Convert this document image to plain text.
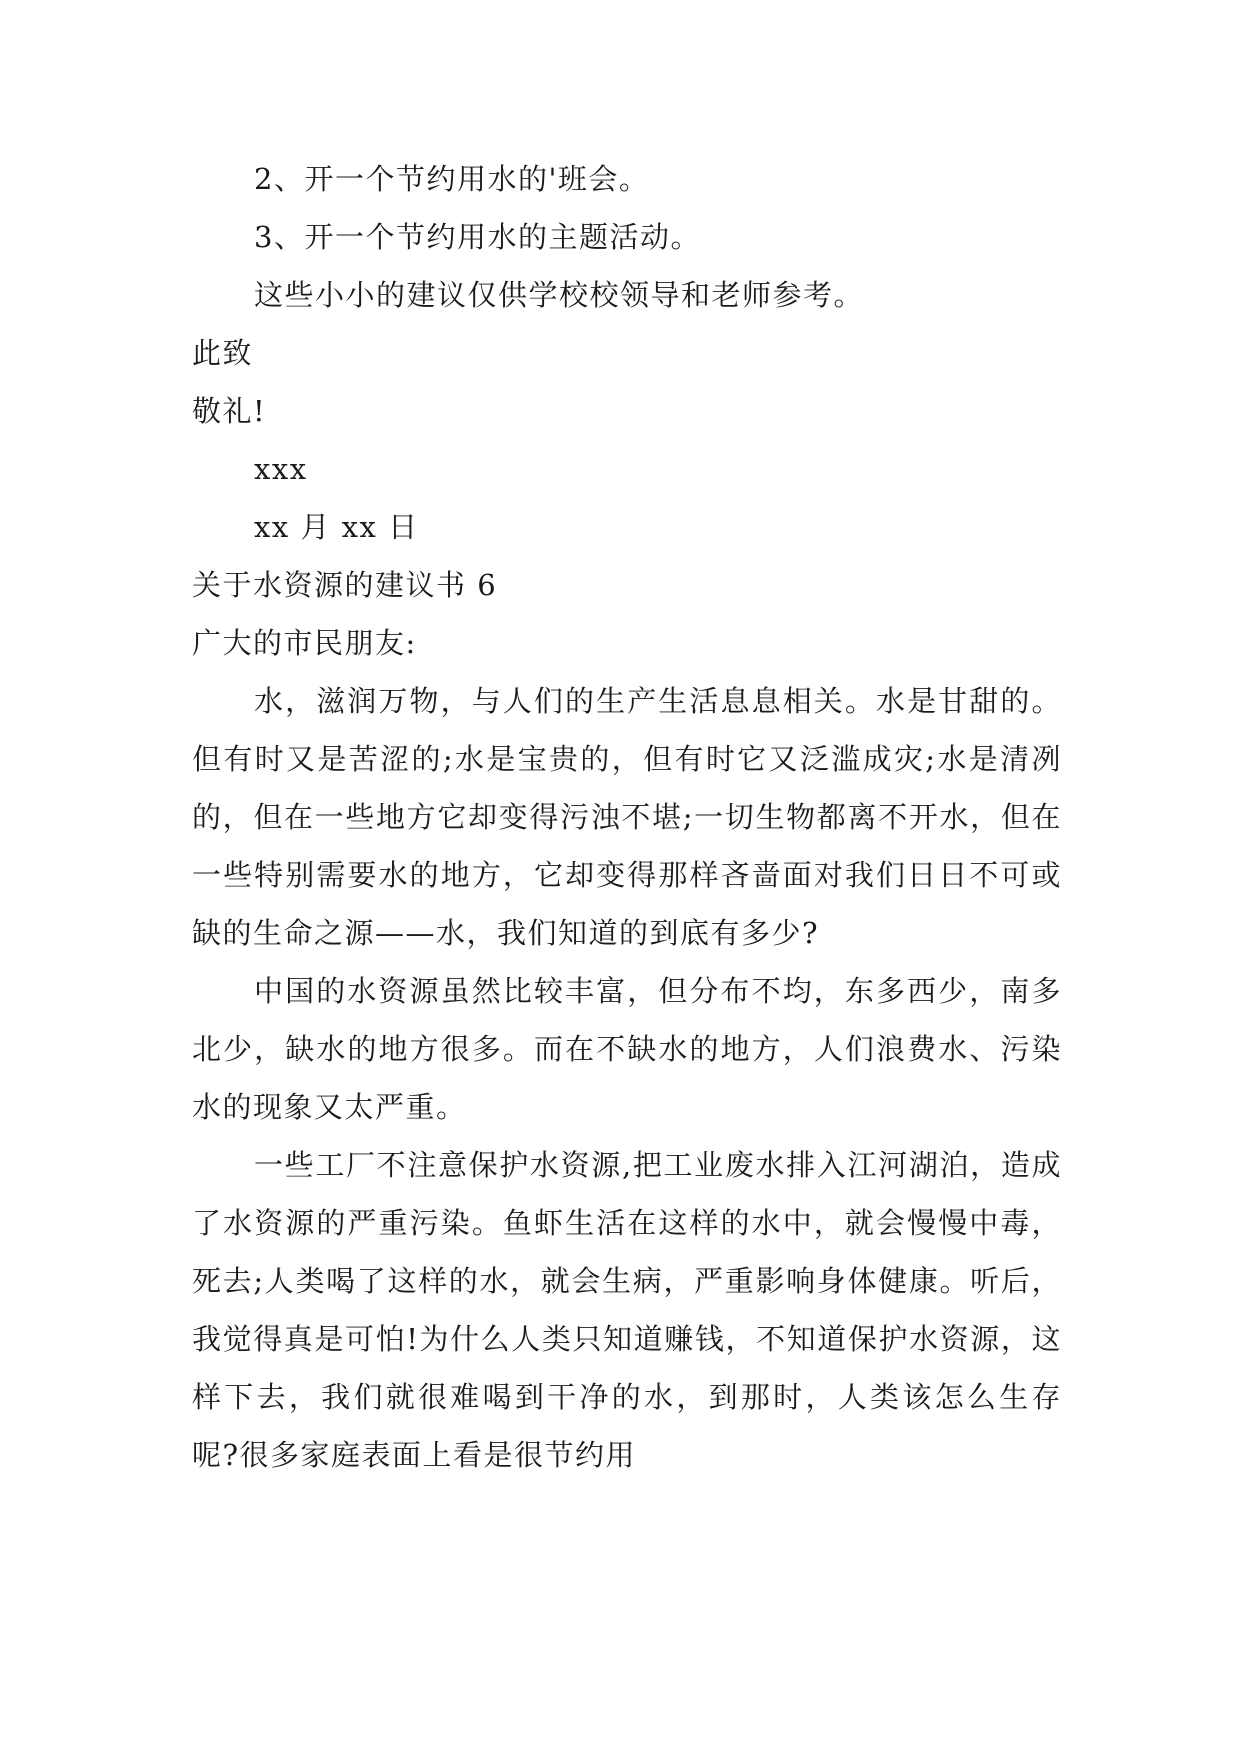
2、开一个节约用水的'班会。
3、开一个节约用水的主题活动。
这些小小的建议仅供学校校领导和老师参考。
此致
敬礼!
xxx
xx 月 xx 日
关于水资源的建议书 6
广大的市民朋友:

水，滋润万物，与人们的生产生活息息相关。水是甘甜的。但有时又是苦涩的;水是宝贵的，但有时它又泛滥成灾;水是清冽的，但在一些地方它却变得污浊不堪;一切生物都离不开水，但在一些特别需要水的地方，它却变得那样吝啬面对我们日日不可或缺的生命之源——水，我们知道的到底有多少?

中国的水资源虽然比较丰富，但分布不均，东多西少，南多北少，缺水的地方很多。而在不缺水的地方，人们浪费水、污染水的现象又太严重。

一些工厂不注意保护水资源,把工业废水排入江河湖泊，造成了水资源的严重污染。鱼虾生活在这样的水中，就会慢慢中毒，死去;人类喝了这样的水，就会生病，严重影响身体健康。听后，我觉得真是可怕!为什么人类只知道赚钱，不知道保护水资源，这样下去，我们就很难喝到干净的水，到那时，人类该怎么生存呢?很多家庭表面上看是很节约用
